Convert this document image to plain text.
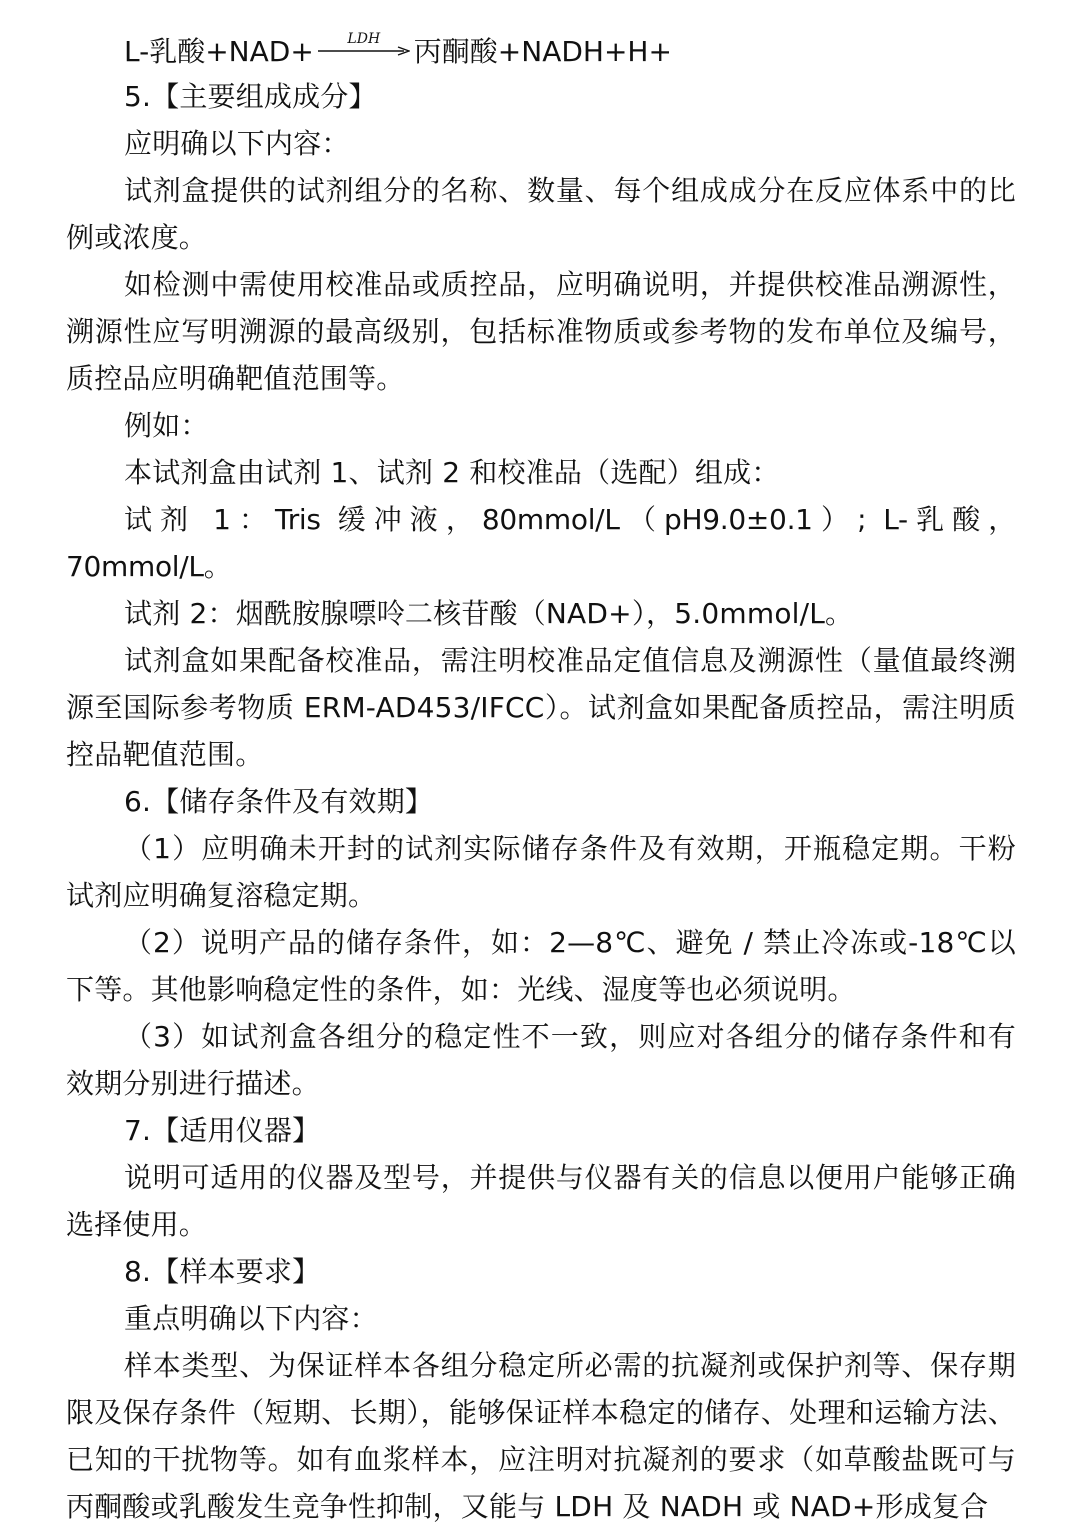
L-乳酸+NAD+ LDH 丙酮酸+NADH+H+

5.【主要组成成分】

应明确以下内容：

试剂盒提供的试剂组分的名称、数量、每个组成成分在反应体系中的比例或浓度。

如检测中需使用校准品或质控品，应明确说明，并提供校准品溯源性，溯源性应写明溯源的最高级别，包括标准物质或参考物的发布单位及编号，质控品应明确靶值范围等。

例如：

本试剂盒由试剂 1、试剂 2 和校准品（选配）组成：

试剂 1：Tris 缓冲液，80mmol/L（pH9.0±0.1）; L-乳酸，70mmol/L。

试剂 2：烟酰胺腺嘌呤二核苷酸（NAD+），5.0mmol/L。

试剂盒如果配备校准品，需注明校准品定值信息及溯源性（量值最终溯源至国际参考物质 ERM-AD453/IFCC）。试剂盒如果配备质控品，需注明质控品靶值范围。

6.【储存条件及有效期】

（1）应明确未开封的试剂实际储存条件及有效期，开瓶稳定期。干粉试剂应明确复溶稳定期。

（2）说明产品的储存条件，如：2—8℃、避免 / 禁止冷冻或-18℃以下等。其他影响稳定性的条件，如：光线、湿度等也必须说明。

（3）如试剂盒各组分的稳定性不一致，则应对各组分的储存条件和有效期分别进行描述。

7.【适用仪器】

说明可适用的仪器及型号，并提供与仪器有关的信息以便用户能够正确选择使用。

8.【样本要求】

重点明确以下内容：

样本类型、为保证样本各组分稳定所必需的抗凝剂或保护剂等、保存期限及保存条件（短期、长期），能够保证样本稳定的储存、处理和运输方法、已知的干扰物等。如有血浆样本，应注明对抗凝剂的要求（如草酸盐既可与丙酮酸或乳酸发生竞争性抑制，又能与 LDH 及 NADH 或 NAD+形成复合
